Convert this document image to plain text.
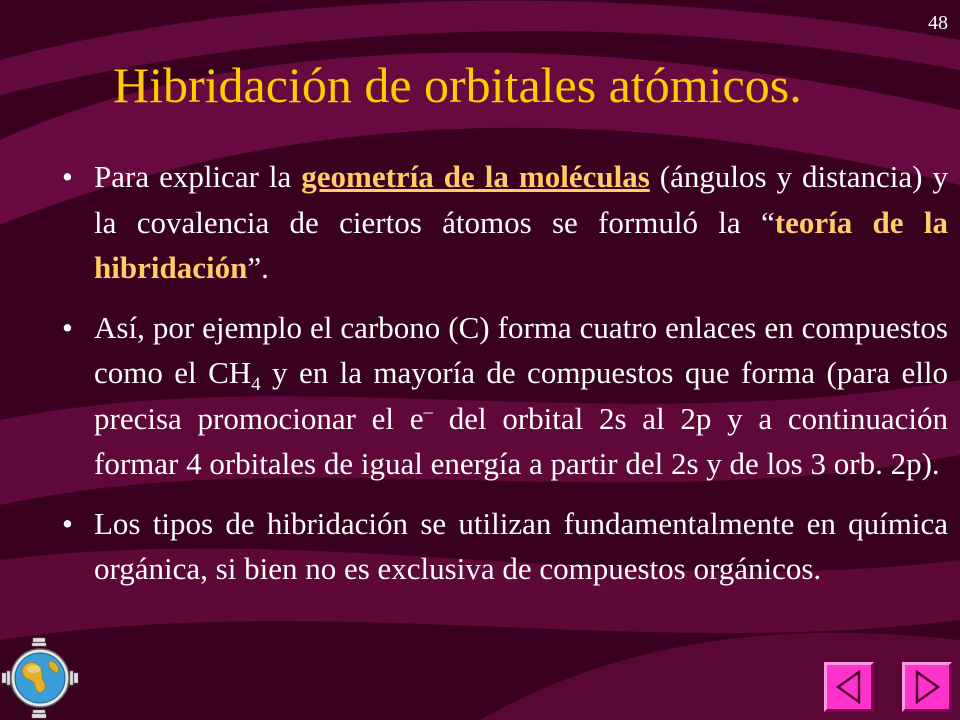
48
Hibridación de orbitales atómicos.
• Para explicar la geometría de la moléculas (ángulos y distancia) y la covalencia de ciertos átomos se formuló la “teoría de la hibridación”.
• Así, por ejemplo el carbono (C) forma cuatro enlaces en compuestos como el $CH_4$ y en la mayoría de compuestos que forma (para ello precisa promocionar el e– del orbital 2s al 2p y a continuación formar 4 orbitales de igual energía a partir del 2s y de los 3 orb. 2p).
• Los tipos de hibridación se utilizan fundamentalmente en química orgánica, si bien no es exclusiva de compuestos orgánicos.
